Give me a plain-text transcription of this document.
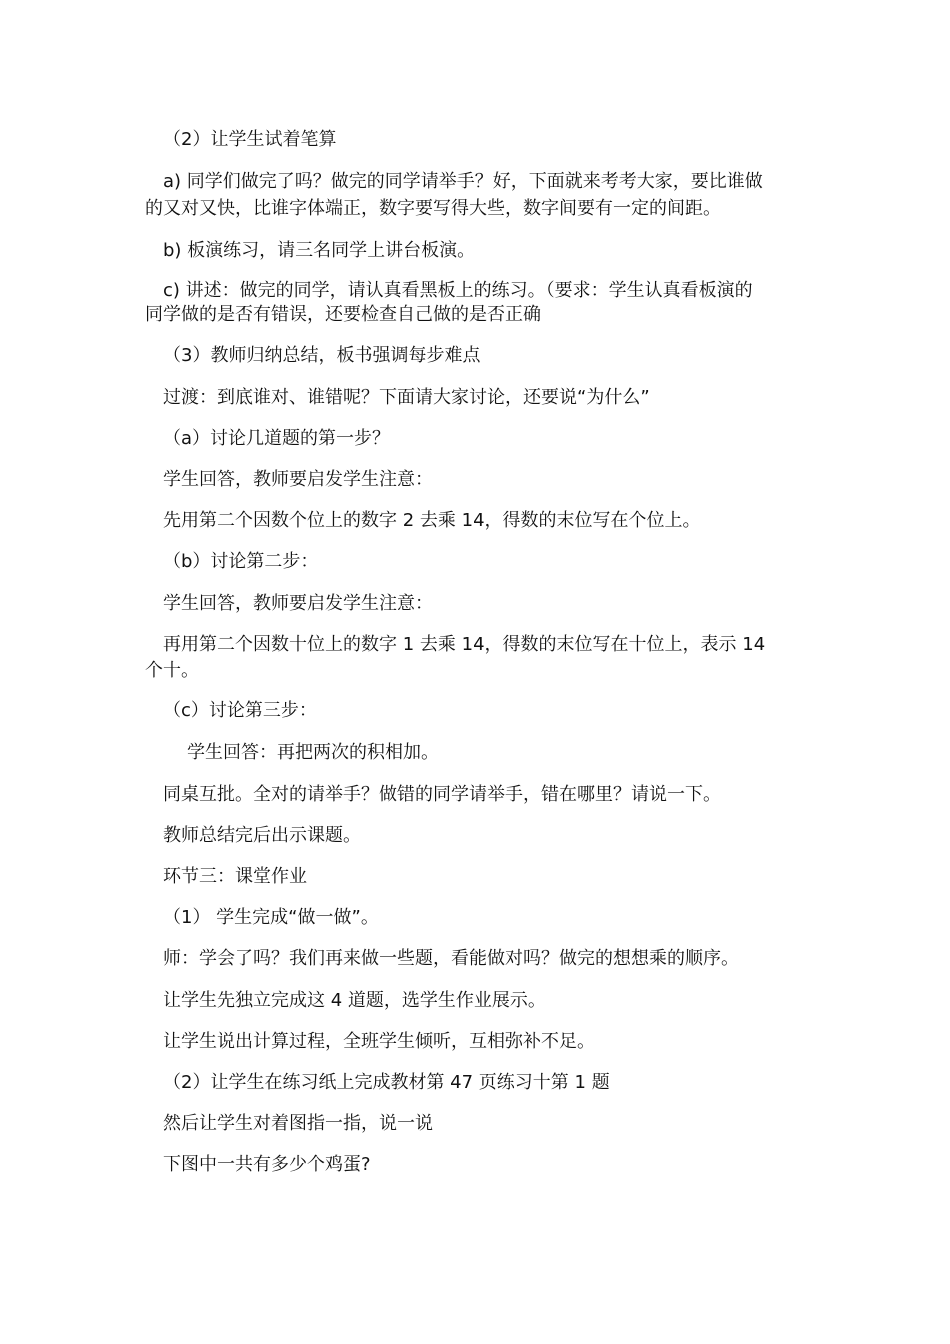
（2）让学生试着笔算
a) 同学们做完了吗？做完的同学请举手？好，下面就来考考大家，要比谁做
的又对又快，比谁字体端正，数字要写得大些，数字间要有一定的间距。
b) 板演练习，请三名同学上讲台板演。
c) 讲述：做完的同学，请认真看黑板上的练习。（要求：学生认真看板演的
同学做的是否有错误，还要检查自己做的是否正确
（3）教师归纳总结，板书强调每步难点
过渡：到底谁对、谁错呢？下面请大家讨论，还要说“为什么”
（a）讨论几道题的第一步？
学生回答，教师要启发学生注意：
先用第二个因数个位上的数字 2 去乘 14，得数的末位写在个位上。
（b）讨论第二步：
学生回答，教师要启发学生注意：
再用第二个因数十位上的数字 1 去乘 14，得数的末位写在十位上，表示 14
个十。
（c）讨论第三步：
学生回答：再把两次的积相加。
同桌互批。全对的请举手？做错的同学请举手，错在哪里？请说一下。
教师总结完后出示课题。
环节三：课堂作业
（1） 学生完成“做一做”。
师：学会了吗？我们再来做一些题，看能做对吗？做完的想想乘的顺序。
让学生先独立完成这 4 道题，选学生作业展示。
让学生说出计算过程，全班学生倾听，互相弥补不足。
（2）让学生在练习纸上完成教材第 47 页练习十第 1 题
然后让学生对着图指一指，说一说
下图中一共有多少个鸡蛋?
